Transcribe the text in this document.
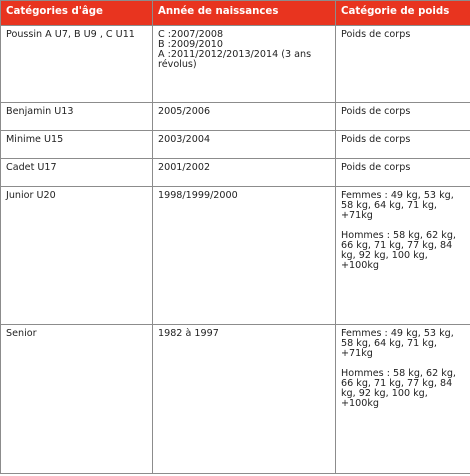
Catégories d'âge	Année de naissances	Catégorie de poids
Poussin A U7, B U9 , C U11	C :2007/2008
B :2009/2010
A :2011/2012/2013/2014 (3 ans
révolus)	Poids de corps

Benjamin U13	2005/2006	Poids de corps

Minime U15	2003/2004	Poids de corps

Cadet U17	2001/2002	Poids de corps

Junior U20	1998/1999/2000	Femmes : 49 kg, 53 kg, 58 kg, 64 kg, 71 kg, +71kg
Hommes : 58 kg, 62 kg, 66 kg, 71 kg, 77 kg, 84 kg, 92 kg, 100 kg, +100kg

Senior	1982 à 1997	Femmes : 49 kg, 53 kg, 58 kg, 64 kg, 71 kg, +71kg
Hommes : 58 kg, 62 kg, 66 kg, 71 kg, 77 kg, 84 kg, 92 kg, 100 kg, +100kg
